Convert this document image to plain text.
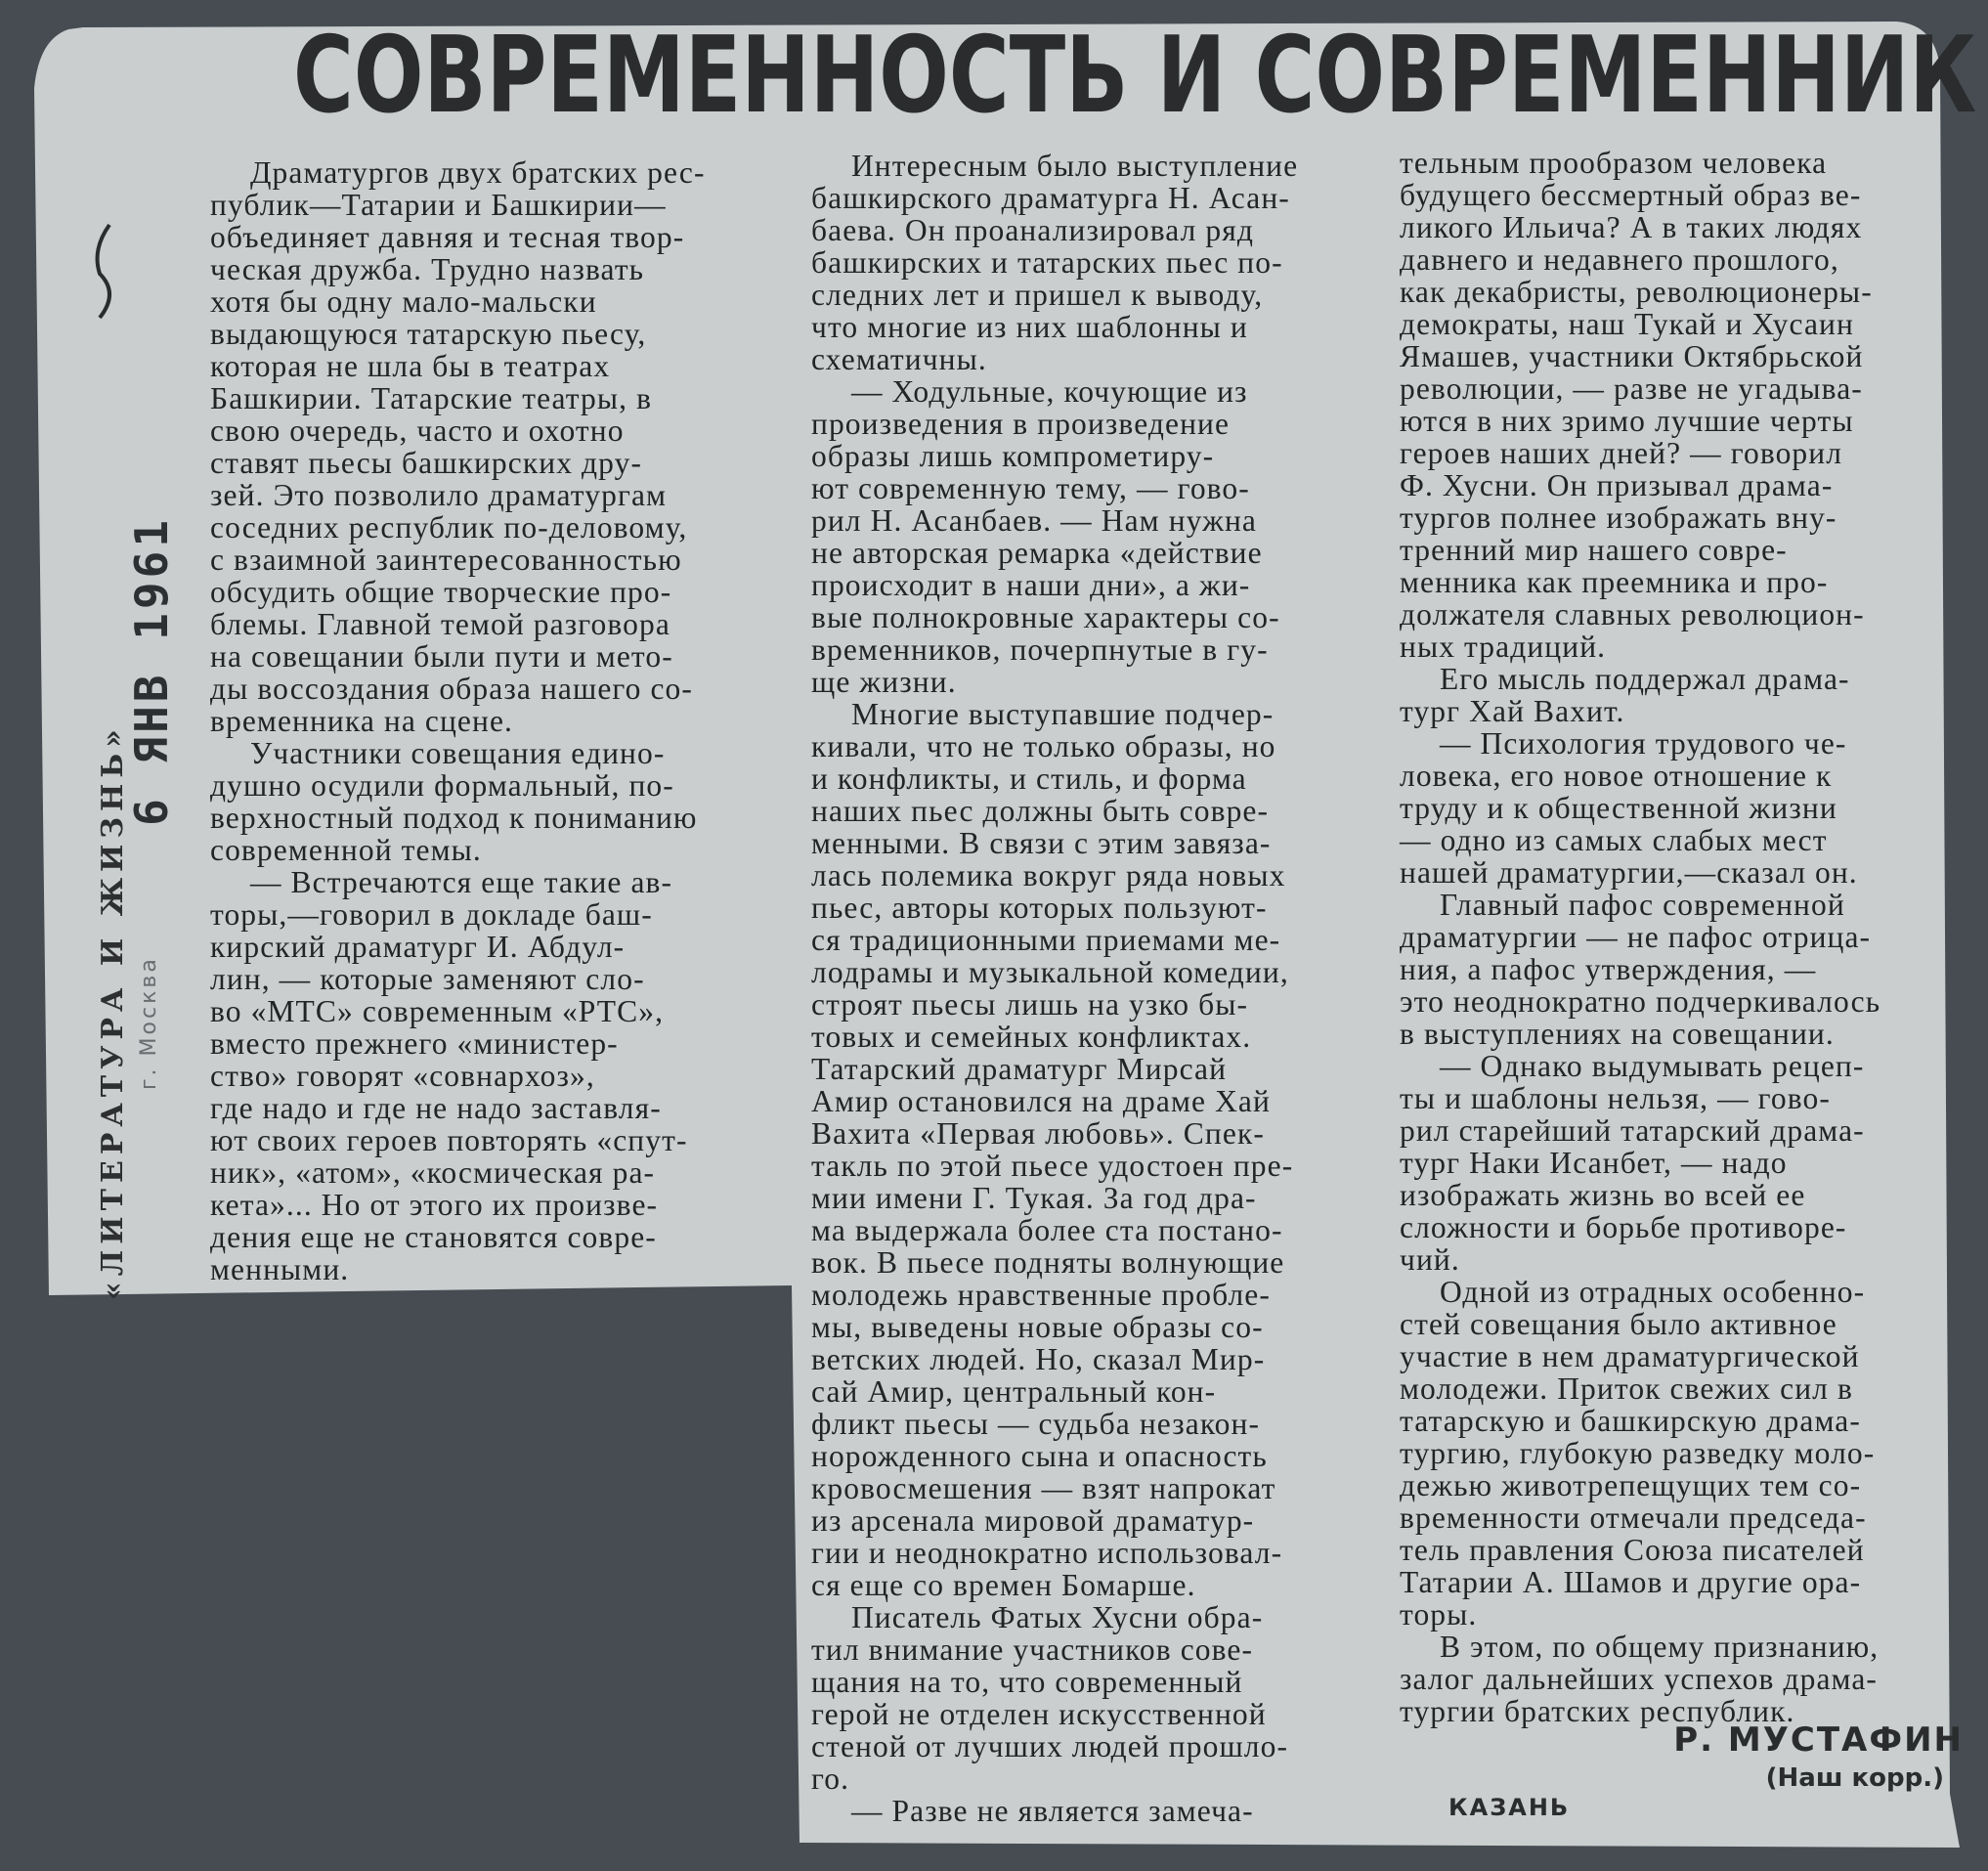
СОВРЕМЕННОСТЬ И СОВРЕМЕННИК
«ЛИТЕРАТУРА И ЖИЗНЬ» г. Москва
6 ЯНВ 1961

Драматургов двух братских рес-
публик—Татарии и Башкирии—
объединяет давняя и тесная твор-
ческая дружба. Трудно назвать
хотя бы одну мало-мальски
выдающуюся татарскую пьесу,
которая не шла бы в театрах
Башкирии. Татарские театры, в
свою очередь, часто и охотно
ставят пьесы башкирских дру-
зей. Это позволило драматургам
соседних республик по-деловому,
с взаимной заинтересованностью
обсудить общие творческие про-
блемы. Главной темой разговора
на совещании были пути и мето-
ды воссоздания образа нашего со-
временника на сцене.

Участники совещания едино-
душно осудили формальный, по-
верхностный подход к пониманию
современной темы.

— Встречаются еще такие ав-
торы,—говорил в докладе баш-
кирский драматург И. Абдул-
лин, — которые заменяют сло-
во «МТС» современным «РТС»,
вместо прежнего «министер-
ство» говорят «совнархоз»,
где надо и где не надо заставля-
ют своих героев повторять «спут-
ник», «атом», «космическая ра-
кета»... Но от этого их произве-
дения еще не становятся совре-
менными.

Интересным было выступление
башкирского драматурга Н. Асан-
баева. Он проанализировал ряд
башкирских и татарских пьес по-
следних лет и пришел к выводу,
что многие из них шаблонны и
схематичны.

— Ходульные, кочующие из
произведения в произведение
образы лишь компрометиру-
ют современную тему, — гово-
рил Н. Асанбаев. — Нам нужна
не авторская ремарка «действие
происходит в наши дни», а жи-
вые полнокровные характеры со-
временников, почерпнутые в гу-
ще жизни.

Многие выступавшие подчер-
кивали, что не только образы, но
и конфликты, и стиль, и форма
наших пьес должны быть совре-
менными. В связи с этим завяза-
лась полемика вокруг ряда новых
пьес, авторы которых пользуют-
ся традиционными приемами ме-
лодрамы и музыкальной комедии,
строят пьесы лишь на узко бы-
товых и семейных конфликтах.
Татарский драматург Мирсай
Амир остановился на драме Хай
Вахита «Первая любовь». Спек-
такль по этой пьесе удостоен пре-
мии имени Г. Тукая. За год дра-
ма выдержала более ста постано-
вок. В пьесе подняты волнующие
молодежь нравственные пробле-
мы, выведены новые образы со-
ветских людей. Но, сказал Мир-
сай Амир, центральный кон-
фликт пьесы — судьба незакон-
норожденного сына и опасность
кровосмешения — взят напрокат
из арсенала мировой драматур-
гии и неоднократно использовал-
ся еще со времен Бомарше.

Писатель Фатых Хусни обра-
тил внимание участников сове-
щания на то, что современный
герой не отделен искусственной
стеной от лучших людей прошло-
го.

— Разве не является замеча-

тельным прообразом человека
будущего бессмертный образ ве-
ликого Ильича? А в таких людях
давнего и недавнего прошлого,
как декабристы, революционеры-
демократы, наш Тукай и Хусаин
Ямашев, участники Октябрьской
революции, — разве не угадыва-
ются в них зримо лучшие черты
героев наших дней? — говорил
Ф. Хусни. Он призывал драма-
тургов полнее изображать вну-
тренний мир нашего совре-
менника как преемника и про-
должателя славных революцион-
ных традиций.

Его мысль поддержал драма-
тург Хай Вахит.

— Психология трудового че-
ловека, его новое отношение к
труду и к общественной жизни
— одно из самых слабых мест
нашей драматургии,—сказал он.

Главный пафос современной
драматургии — не пафос отрица-
ния, а пафос утверждения, —
это неоднократно подчеркивалось
в выступлениях на совещании.

— Однако выдумывать рецеп-
ты и шаблоны нельзя, — гово-
рил старейший татарский драма-
тург Наки Исанбет, — надо
изображать жизнь во всей ее
сложности и борьбе противоре-
чий.

Одной из отрадных особенно-
стей совещания было активное
участие в нем драматургической
молодежи. Приток свежих сил в
татарскую и башкирскую драма-
тургию, глубокую разведку моло-
дежью животрепещущих тем со-
временности отмечали председа-
тель правления Союза писателей
Татарии А. Шамов и другие ора-
торы.

В этом, по общему признанию,
залог дальнейших успехов драма-
тургии братских республик.

Р. МУСТАФИН
(Наш корр.)
КАЗАНЬ
